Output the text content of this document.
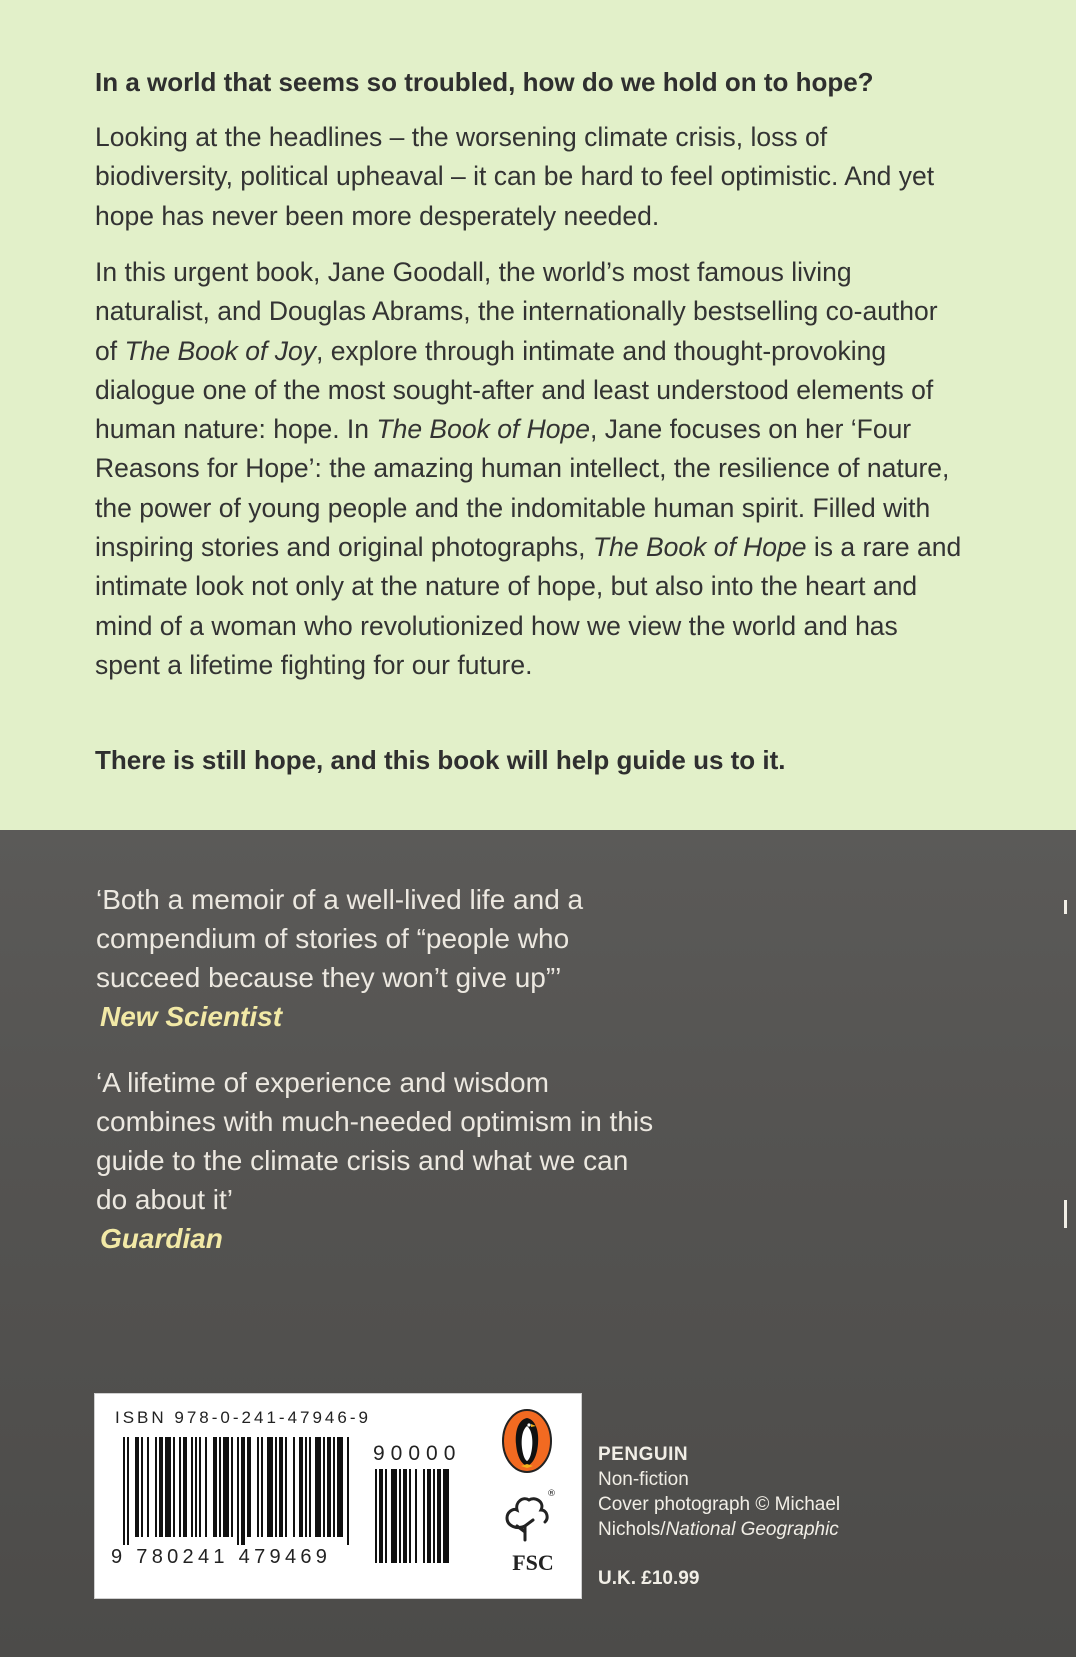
In a world that seems so troubled, how do we hold on to hope?

Looking at the headlines – the worsening climate crisis, loss of biodiversity, political upheaval – it can be hard to feel optimistic. And yet hope has never been more desperately needed.

In this urgent book, Jane Goodall, the world’s most famous living naturalist, and Douglas Abrams, the internationally bestselling co-author of The Book of Joy, explore through intimate and thought-provoking dialogue one of the most sought-after and least understood elements of human nature: hope. In The Book of Hope, Jane focuses on her ‘Four Reasons for Hope’: the amazing human intellect, the resilience of nature, the power of young people and the indomitable human spirit. Filled with inspiring stories and original photographs, The Book of Hope is a rare and intimate look not only at the nature of hope, but also into the heart and mind of a woman who revolutionized how we view the world and has spent a lifetime fighting for our future.

There is still hope, and this book will help guide us to it.

‘Both a memoir of a well-lived life and a compendium of stories of “people who succeed because they won’t give up”’
New Scientist

‘A lifetime of experience and wisdom combines with much-needed optimism in this guide to the climate crisis and what we can do about it’
Guardian

ISBN 978-0-241-47946-9
9 780241 479469
90000
®
FSC
PENGUIN
Non-fiction
Cover photograph © Michael
Nichols/National Geographic
U.K. £10.99
